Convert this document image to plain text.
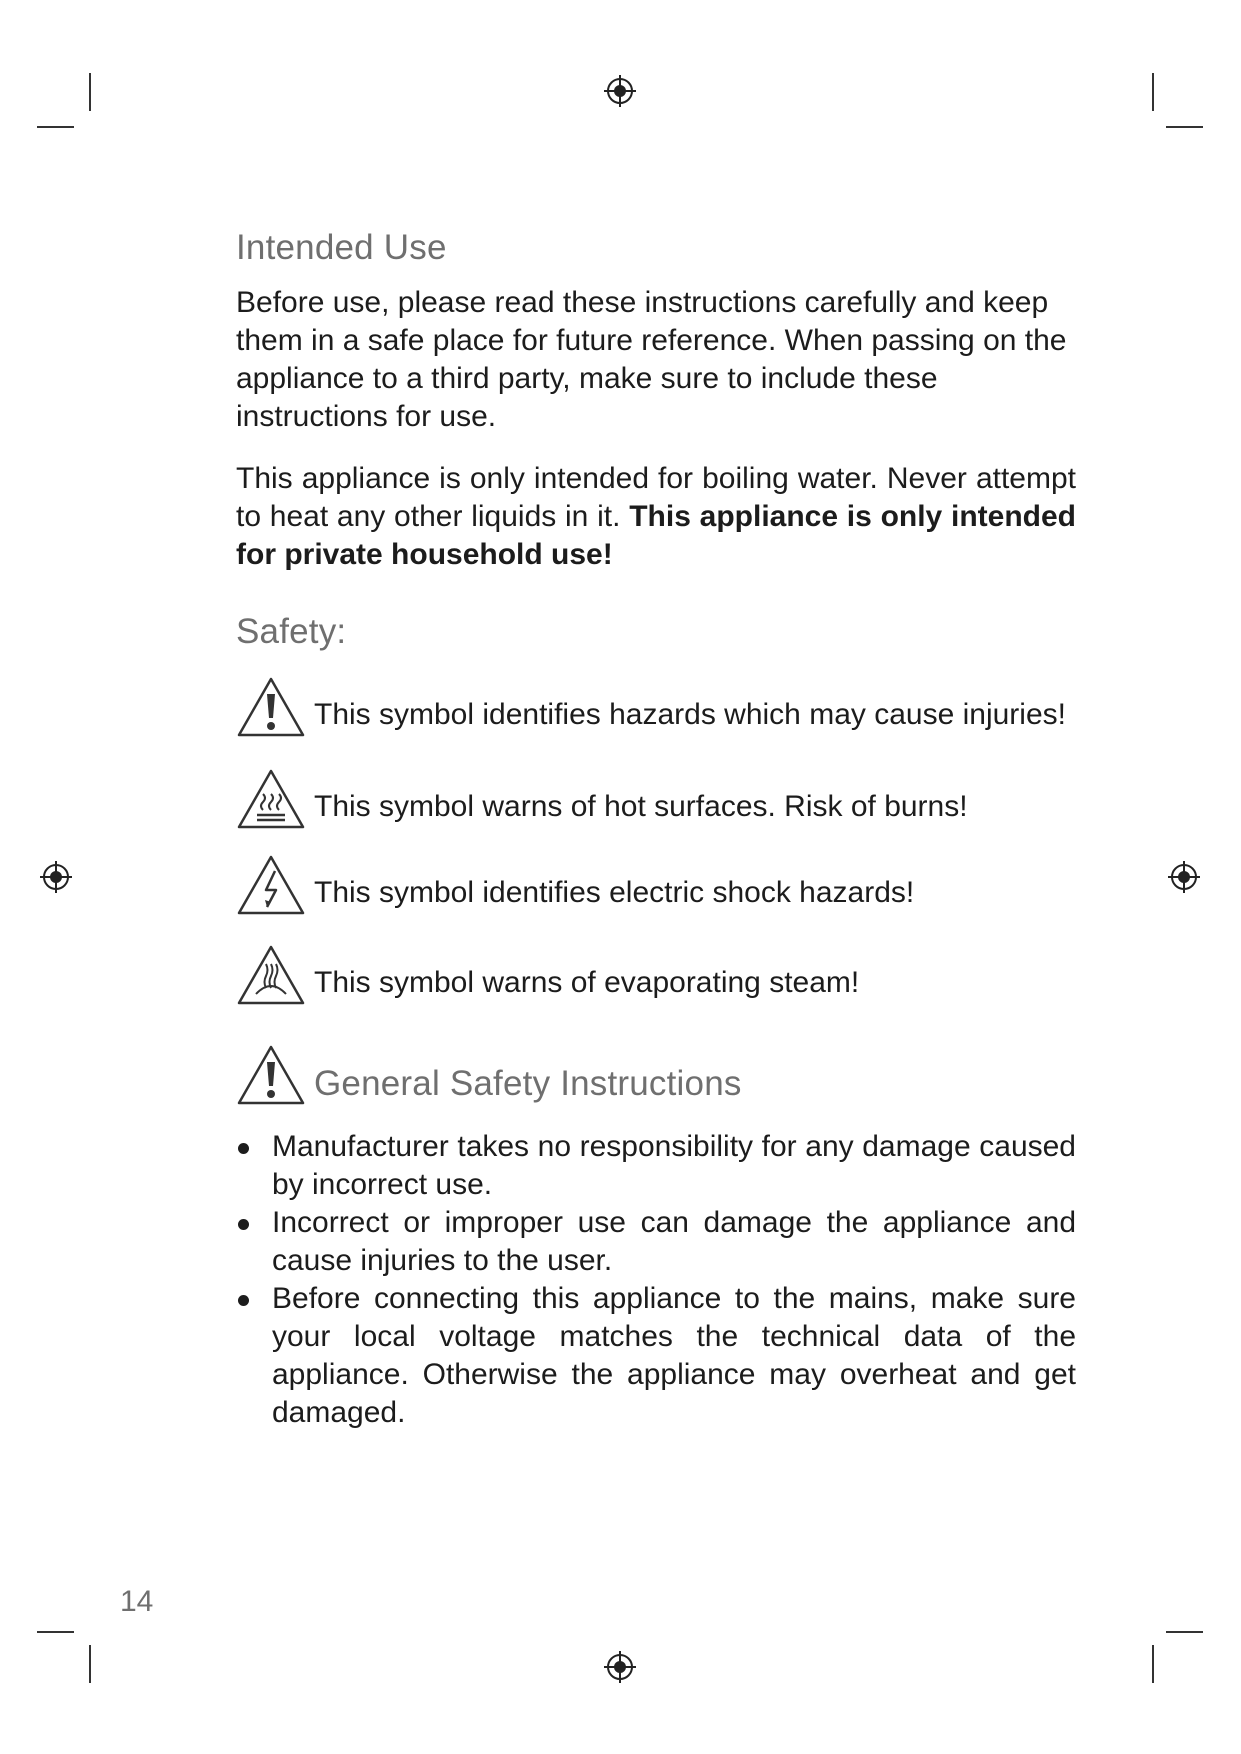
Intended Use

Before use, please read these instructions carefully and keep them in a safe place for future reference. When passing on the appliance to a third party, make sure to include these instructions for use.

This appliance is only intended for boiling water. Never attempt to heat any other liquids in it. This appliance is only intended for private household use!

Safety:
This symbol identifies hazards which may cause injuries!
This symbol warns of hot surfaces. Risk of burns!
This symbol identifies electric shock hazards!
This symbol warns of evaporating steam!
General Safety Instructions
Manufacturer takes no responsibility for any damage caused by incorrect use.
Incorrect or improper use can damage the appliance and cause injuries to the user.
Before connecting this appliance to the mains, make sure your local voltage matches the technical data of the appliance. Otherwise the appliance may overheat and get damaged.
14
